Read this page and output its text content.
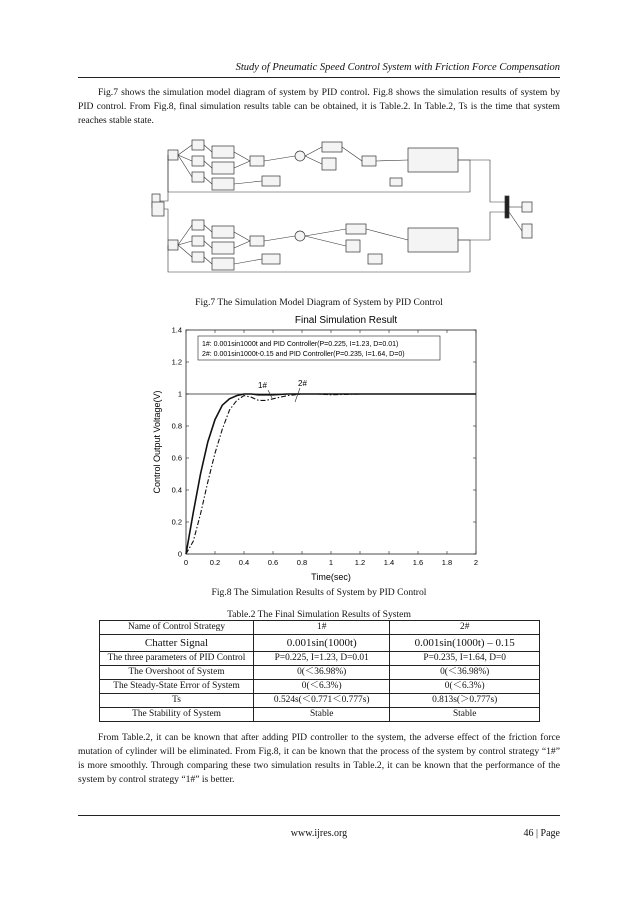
Study of Pneumatic Speed Control System with Friction Force Compensation

Fig.7 shows the simulation model diagram of system by PID control. Fig.8 shows the simulation results of system by PID control. From Fig.8, final simulation results table can be obtained, it is Table.2. In Table.2, Ts is the time that system reaches stable state.

Fig.7 The Simulation Model Diagram of System by PID Control
Final Simulation Result
0	0.2 0.4 0.6 0.8	1	1.2 1.4 1.6 1.8	2
0
0.2
0.4
0.6
0.8
1
1.2
1.4
1#: 0.001sin1000t and PID Controller(P=0.225, I=1.23, D=0.01)
2#: 0.001sin1000t-0.15 and PID Controller(P=0.235, I=1.64, D=0)
Time(sec)
Control Output Voltage(V)
1#	2#
Fig.8 The Simulation Results of System by PID Control
Table.2 The Final Simulation Results of System
Name of Control Strategy	1#	2#
Chatter Signal	0.001sin(1000t)	0.001sin(1000t) – 0.15
The three parameters of PID Control	P=0.225, I=1.23, D=0.01	P=0.235, I=1.64, D=0
The Overshoot of System	0(＜36.98%)	0(＜36.98%)
The Steady-State Error of System	0(＜6.3%)	0(＜6.3%)
Ts	0.524s(＜0.771＜0.777s)	0.813s(＞0.777s)
The Stability of System	Stable	Stable

From Table.2, it can be known that after adding PID controller to the system, the adverse effect of the friction force mutation of cylinder will be eliminated. From Fig.8, it can be known that the process of the system by control strategy “1#” is more smoothly. Through comparing these two simulation results in Table.2, it can be known that the performance of the system by control strategy “1#” is better.

www.ijres.org	46 | Page
